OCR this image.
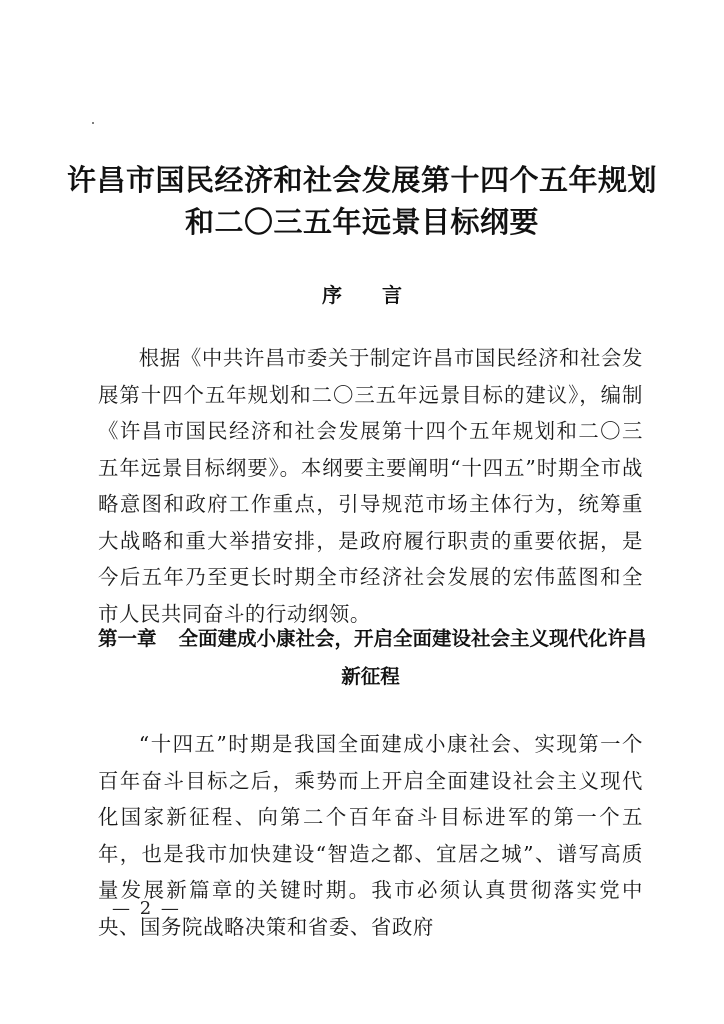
许昌市国民经济和社会发展第十四个五年规划
和二〇三五年远景目标纲要
序言

根据《中共许昌市委关于制定许昌市国民经济和社会发展第十四个五年规划和二〇三五年远景目标的建议》，编制《许昌市国民经济和社会发展第十四个五年规划和二〇三五年远景目标纲要》。本纲要主要阐明“十四五”时期全市战略意图和政府工作重点，引导规范市场主体行为，统筹重大战略和重大举措安排，是政府履行职责的重要依据，是今后五年乃至更长时期全市经济社会发展的宏伟蓝图和全市人民共同奋斗的行动纲领。

第一章 全面建成小康社会，开启全面建设社会主义现代化许昌
新征程

“十四五”时期是我国全面建成小康社会、实现第一个百年奋斗目标之后，乘势而上开启全面建设社会主义现代化国家新征程、向第二个百年奋斗目标进军的第一个五年，也是我市加快建设“智造之都、宜居之城”、谱写高质量发展新篇章的关键时期。我市必须认真贯彻落实党中央、国务院战略决策和省委、省政府

— 2 —
